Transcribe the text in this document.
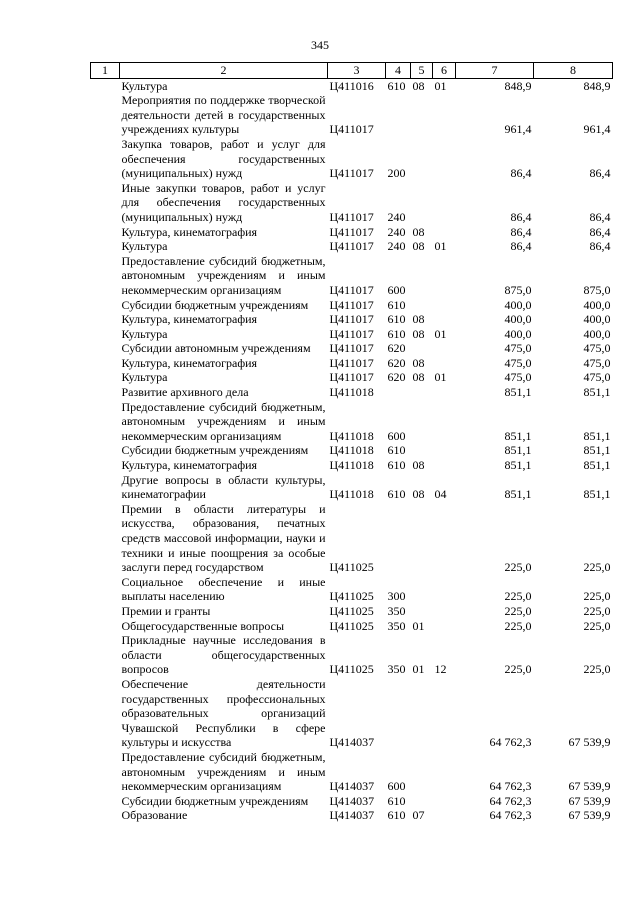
345
1	2	3	4	5	6	7	8
	Культура	Ц411016	610	08	01	848,9	848,9
	Мероприятия по поддержке творческой деятельности детей в государственных учреждениях культуры	Ц411017				961,4	961,4
	Закупка товаров, работ и услуг для обеспечения государственных (муниципальных) нужд	Ц411017	200			86,4	86,4
	Иные закупки товаров, работ и услуг для обеспечения государственных (муниципальных) нужд	Ц411017	240			86,4	86,4
	Культура, кинематография	Ц411017	240	08		86,4	86,4
	Культура	Ц411017	240	08	01	86,4	86,4
	Предоставление субсидий бюджетным, автономным учреждениям и иным некоммерческим организациям	Ц411017	600			875,0	875,0
	Субсидии бюджетным учреждениям	Ц411017	610			400,0	400,0
	Культура, кинематография	Ц411017	610	08		400,0	400,0
	Культура	Ц411017	610	08	01	400,0	400,0
	Субсидии автономным учреждениям	Ц411017	620			475,0	475,0
	Культура, кинематография	Ц411017	620	08		475,0	475,0
	Культура	Ц411017	620	08	01	475,0	475,0
	Развитие архивного дела	Ц411018				851,1	851,1
	Предоставление субсидий бюджетным, автономным учреждениям и иным некоммерческим организациям	Ц411018	600			851,1	851,1
	Субсидии бюджетным учреждениям	Ц411018	610			851,1	851,1
	Культура, кинематография	Ц411018	610	08		851,1	851,1
	Другие вопросы в области культуры, кинематографии	Ц411018	610	08	04	851,1	851,1
	Премии в области литературы и искусства, образования, печатных средств массовой информации, науки и техники и иные поощрения за особые заслуги перед государством	Ц411025				225,0	225,0
	Социальное обеспечение и иные выплаты населению	Ц411025	300			225,0	225,0
	Премии и гранты	Ц411025	350			225,0	225,0
	Общегосударственные вопросы	Ц411025	350	01		225,0	225,0
	Прикладные научные исследования в области общегосударственных вопросов	Ц411025	350	01	12	225,0	225,0
	Обеспечение деятельности государственных профессиональных образовательных организаций Чувашской Республики в сфере культуры и искусства	Ц414037				64 762,3	67 539,9
	Предоставление субсидий бюджетным, автономным учреждениям и иным некоммерческим организациям	Ц414037	600			64 762,3	67 539,9
	Субсидии бюджетным учреждениям	Ц414037	610			64 762,3	67 539,9
	Образование	Ц414037	610	07		64 762,3	67 539,9
